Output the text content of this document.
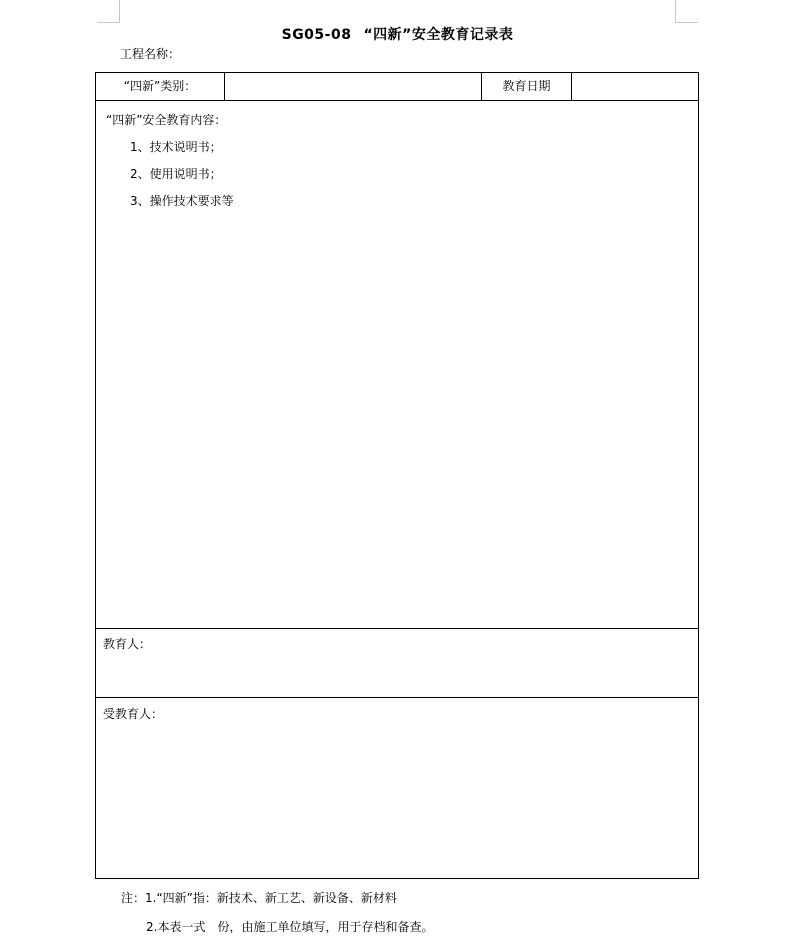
SG05-08 “四新”安全教育记录表
工程名称：
“四新”类别：	教育日期
“四新”安全教育内容：
1、技术说明书；
2、使用说明书；
3、操作技术要求等
教育人：
受教育人：
注：1.“四新”指：新技术、新工艺、新设备、新材料
2.本表一式　份，由施工单位填写，用于存档和备查。
